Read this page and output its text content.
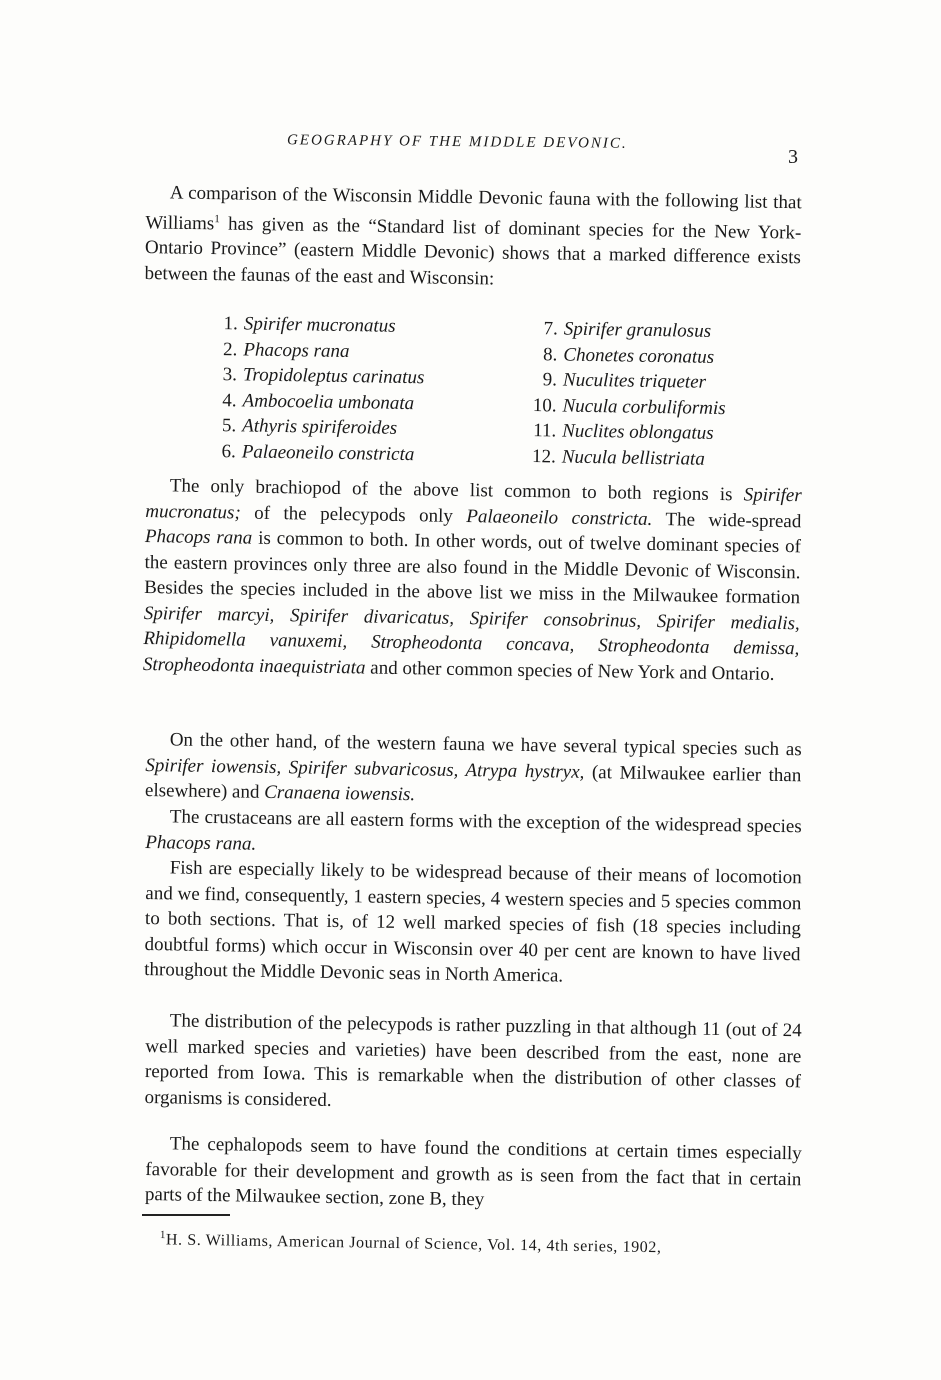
GEOGRAPHY OF THE MIDDLE DEVONIC.
3

A comparison of the Wisconsin Middle Devonic fauna with the following list that Williams$^1$ has given as the “Standard list of dominant species for the New York-Ontario Province” (eastern Middle Devonic) shows that a marked difference exists between the faunas of the east and Wisconsin:

1. Spirifer mucronatus
2. Phacops rana
3. Tropidoleptus carinatus
4. Ambocoelia umbonata
5. Athyris spiriferoides
6. Palaeoneilo constricta
7. Spirifer granulosus
8. Chonetes coronatus
9. Nuculites triqueter
10. Nucula corbuliformis
11. Nuclites oblongatus
12. Nucula bellistriata

The only brachiopod of the above list common to both regions is Spirifer mucronatus; of the pelecypods only Palaeoneilo constricta. The wide-spread Phacops rana is common to both. In other words, out of twelve dominant species of the eastern provinces only three are also found in the Middle Devonic of Wisconsin. Besides the species included in the above list we miss in the Milwaukee formation Spirifer marcyi, Spirifer divaricatus, Spirifer consobrinus, Spirifer medialis, Rhipidomella vanuxemi, Stropheodonta concava, Stropheodonta demissa, Stropheodonta inaequistriata and other common species of New York and Ontario.

On the other hand, of the western fauna we have several typical species such as Spirifer iowensis, Spirifer subvaricosus, Atrypa hystryx, (at Milwaukee earlier than elsewhere) and Cranaena iowensis.

The crustaceans are all eastern forms with the exception of the widespread species Phacops rana.

Fish are especially likely to be widespread because of their means of locomotion and we find, consequently, 1 eastern species, 4 western species and 5 species common to both sections. That is, of 12 well marked species of fish (18 species including doubtful forms) which occur in Wisconsin over 40 per cent are known to have lived throughout the Middle Devonic seas in North America.

The distribution of the pelecypods is rather puzzling in that although 11 (out of 24 well marked species and varieties) have been described from the east, none are reported from Iowa. This is remarkable when the distribution of other classes of organisms is considered.

The cephalopods seem to have found the conditions at certain times especially favorable for their development and growth as is seen from the fact that in certain parts of the Milwaukee section, zone B, they

$^1$H. S. Williams, American Journal of Science, Vol. 14, 4th series, 1902,
